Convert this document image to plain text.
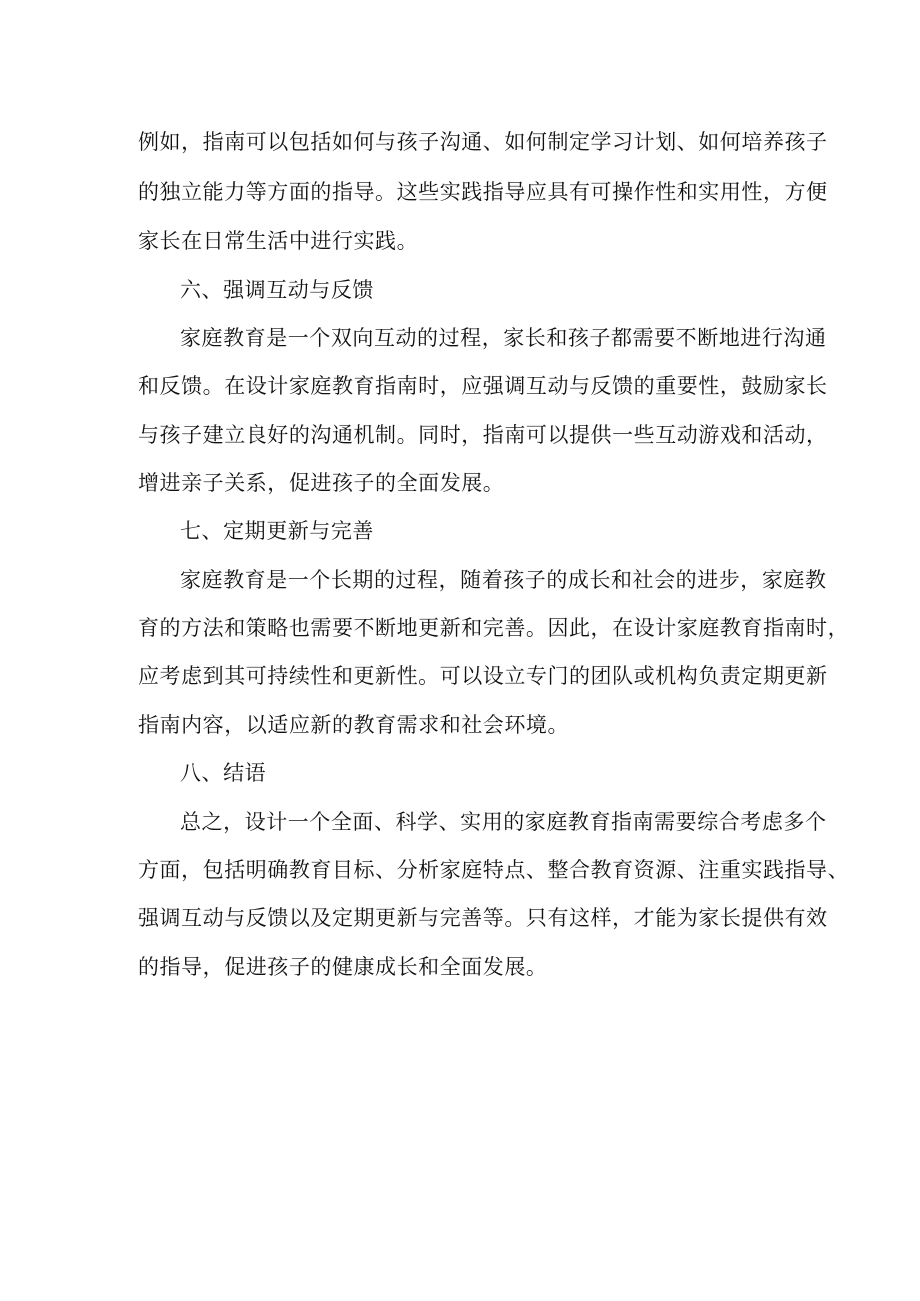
例如，指南可以包括如何与孩子沟通、如何制定学习计划、如何培养孩子
的独立能力等方面的指导。这些实践指导应具有可操作性和实用性，方便
家长在日常生活中进行实践。
六、强调互动与反馈
家庭教育是一个双向互动的过程，家长和孩子都需要不断地进行沟通
和反馈。在设计家庭教育指南时，应强调互动与反馈的重要性，鼓励家长
与孩子建立良好的沟通机制。同时，指南可以提供一些互动游戏和活动，
增进亲子关系，促进孩子的全面发展。
七、定期更新与完善
家庭教育是一个长期的过程，随着孩子的成长和社会的进步，家庭教
育的方法和策略也需要不断地更新和完善。因此，在设计家庭教育指南时，
应考虑到其可持续性和更新性。可以设立专门的团队或机构负责定期更新
指南内容，以适应新的教育需求和社会环境。
八、结语
总之，设计一个全面、科学、实用的家庭教育指南需要综合考虑多个
方面，包括明确教育目标、分析家庭特点、整合教育资源、注重实践指导、
强调互动与反馈以及定期更新与完善等。只有这样，才能为家长提供有效
的指导，促进孩子的健康成长和全面发展。
